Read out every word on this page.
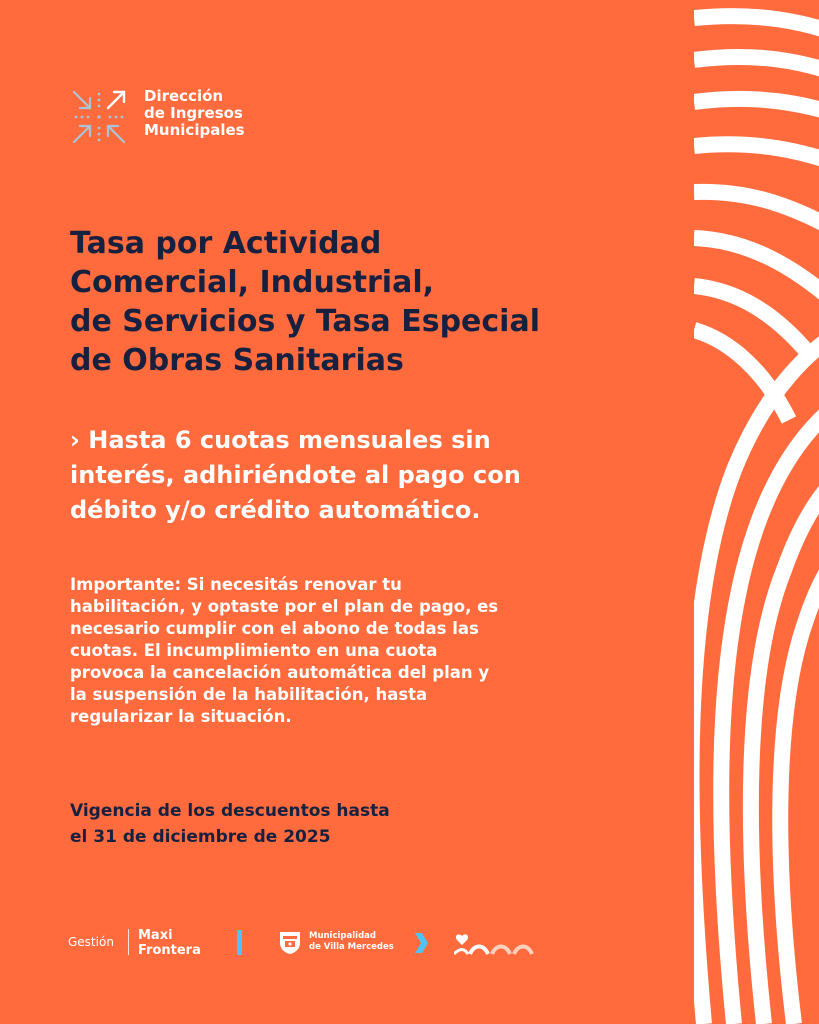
Dirección
de Ingresos
Municipales
Tasa por Actividad
Comercial, Industrial,
de Servicios y Tasa Especial
de Obras Sanitarias

› Hasta 6 cuotas mensuales sin
interés, adhiriéndote al pago con
débito y/o crédito automático.

Importante: Si necesitás renovar tu
habilitación, y optaste por el plan de pago, es
necesario cumplir con el abono de todas las
cuotas. El incumplimiento en una cuota
provoca la cancelación automática del plan y
la suspensión de la habilitación, hasta
regularizar la situación.

Vigencia de los descuentos hasta
el 31 de diciembre de 2025

Gestión Maxi
Frontera
Municipalidad
de Villa Mercedes
